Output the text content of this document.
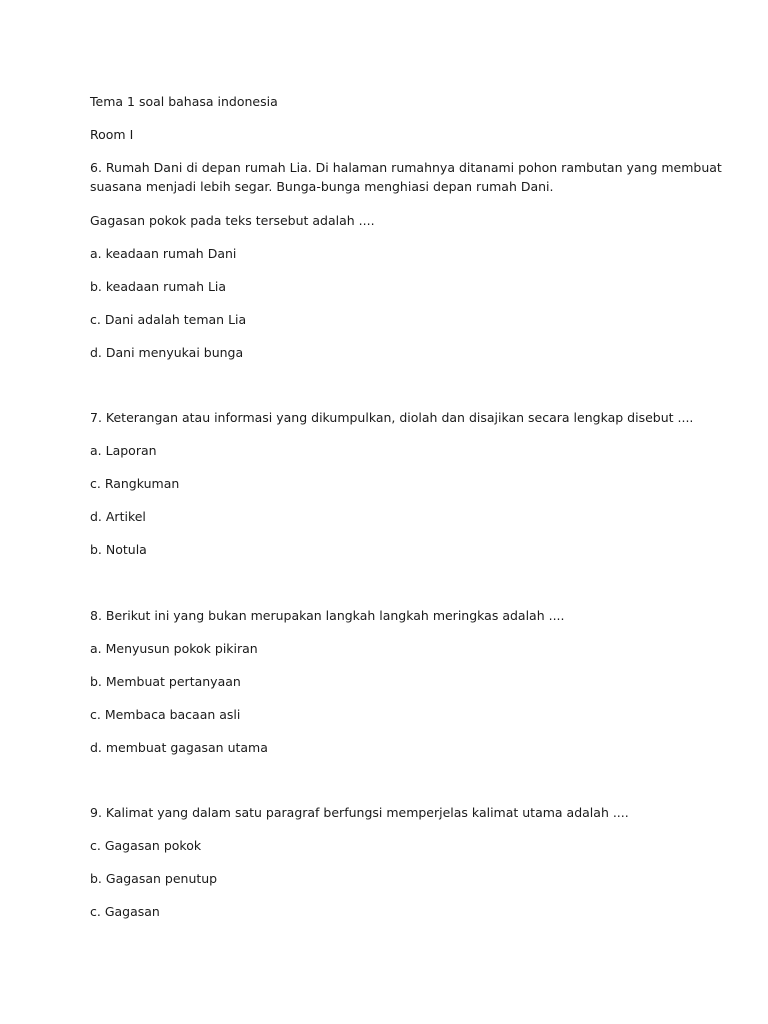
Tema 1 soal bahasa indonesia
Room I
6. Rumah Dani di depan rumah Lia. Di halaman rumahnya ditanami pohon rambutan yang membuat
suasana menjadi lebih segar. Bunga-bunga menghiasi depan rumah Dani.
Gagasan pokok pada teks tersebut adalah ....
a. keadaan rumah Dani
b. keadaan rumah Lia
c. Dani adalah teman Lia
d. Dani menyukai bunga
7. Keterangan atau informasi yang dikumpulkan, diolah dan disajikan secara lengkap disebut ....
a. Laporan
c. Rangkuman
d. Artikel
b. Notula
8. Berikut ini yang bukan merupakan langkah langkah meringkas adalah ....
a. Menyusun pokok pikiran
b. Membuat pertanyaan
c. Membaca bacaan asli
d. membuat gagasan utama
9. Kalimat yang dalam satu paragraf berfungsi memperjelas kalimat utama adalah ....
c. Gagasan pokok
b. Gagasan penutup
c. Gagasan
